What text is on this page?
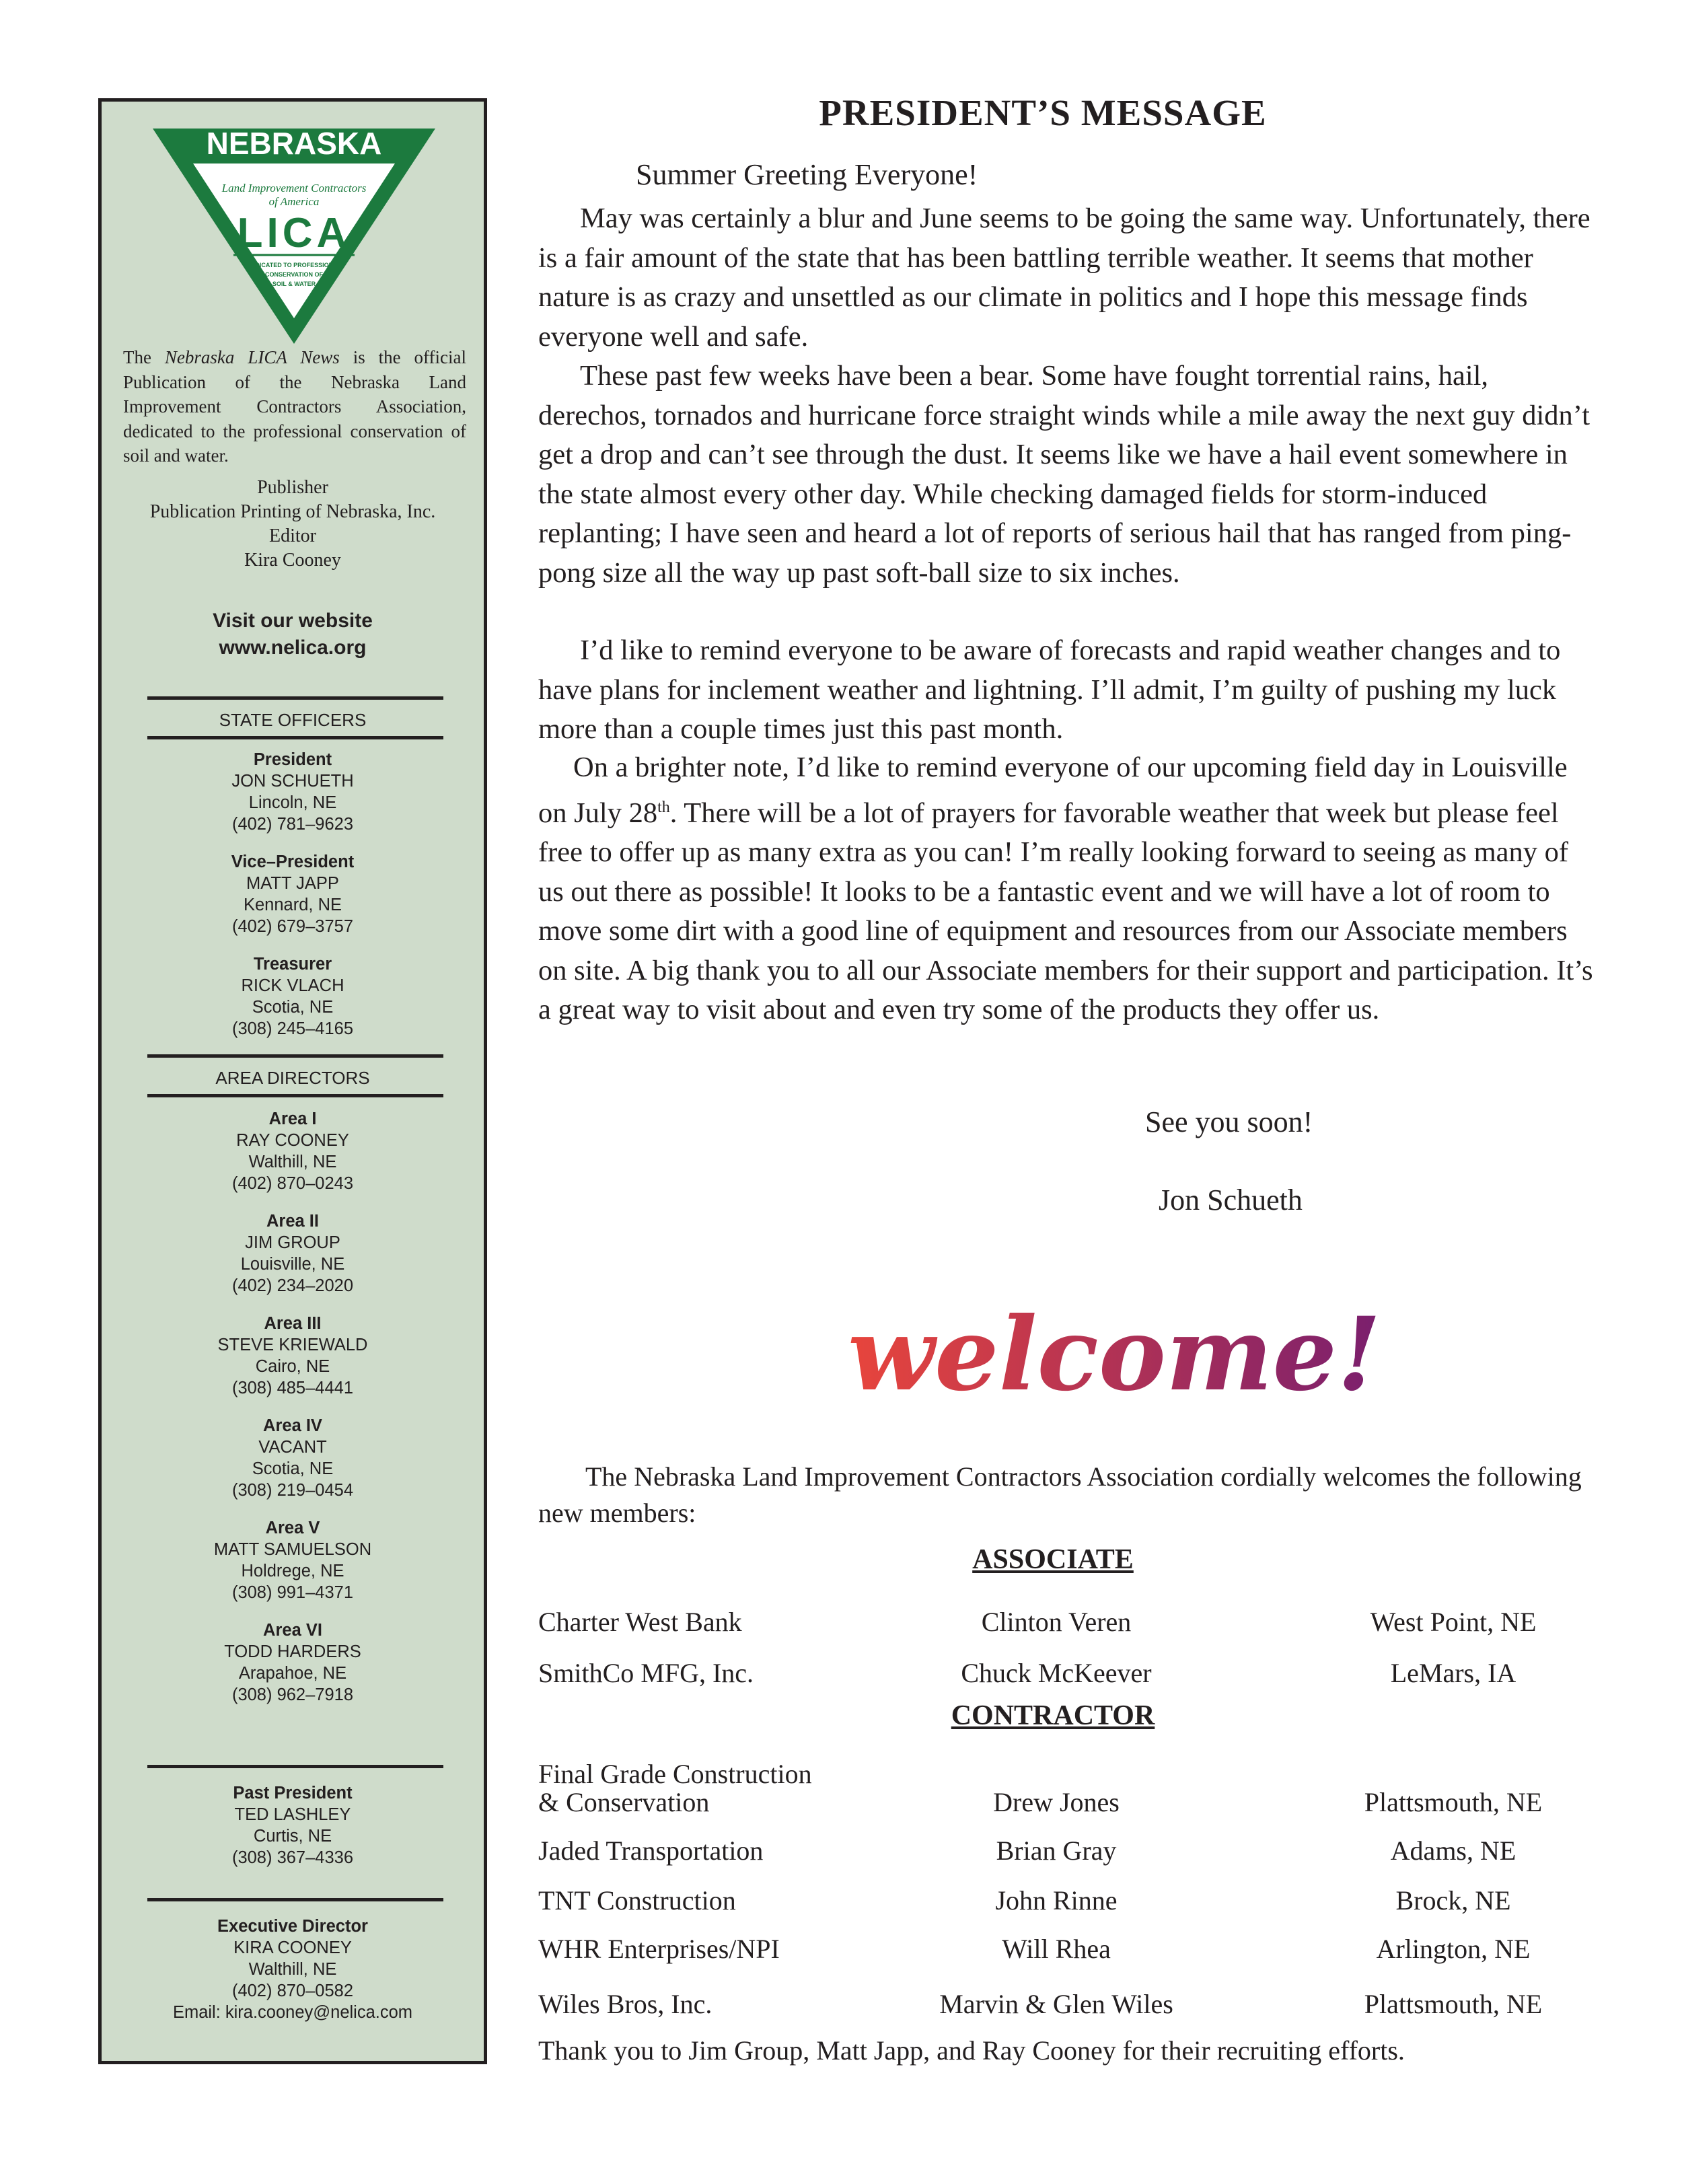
NEBRASKA
CHAPTER
Land Improvement Contractors
of America
LICA
DEDICATED TO PROFESSIONAL
CONSERVATION OF
SOIL & WATER
The Nebraska LICA News is the official Publication of the Nebraska Land Improvement Contractors Association, dedicated to the professional conservation of soil and water.
Publisher
Publication Printing of Nebraska, Inc.
Editor
Kira Cooney
Visit our website
www.nelica.org
STATE OFFICERS
President
JON SCHUETH
Lincoln, NE
(402) 781–9623
Vice–President
MATT JAPP
Kennard, NE
(402) 679–3757
Treasurer
RICK VLACH
Scotia, NE
(308) 245–4165
AREA DIRECTORS
Area I
RAY COONEY
Walthill, NE
(402) 870–0243
Area II
JIM GROUP
Louisville, NE
(402) 234–2020
Area III
STEVE KRIEWALD
Cairo, NE
(308) 485–4441
Area IV
VACANT
Scotia, NE
(308) 219–0454
Area V
MATT SAMUELSON
Holdrege, NE
(308) 991–4371
Area VI
TODD HARDERS
Arapahoe, NE
(308) 962–7918
Past President
TED LASHLEY
Curtis, NE
(308) 367–4336
Executive Director
KIRA COONEY
Walthill, NE
(402) 870–0582
Email: kira.cooney@nelica.com
PRESIDENT’S MESSAGE
Summer Greeting Everyone!
May was certainly a blur and June seems to be going the same way. Unfortunately, there is a fair amount of the state that has been battling terrible weather. It seems that mother nature is as crazy and unsettled as our climate in politics and I hope this message finds everyone well and safe.
These past few weeks have been a bear. Some have fought torrential rains, hail, derechos, tornados and hurricane force straight winds while a mile away the next guy didn’t get a drop and can’t see through the dust. It seems like we have a hail event somewhere in the state almost every other day. While checking damaged fields for storm-induced replanting; I have seen and heard a lot of reports of serious hail that has ranged from ping-pong size all the way up past soft-ball size to six inches.
I’d like to remind everyone to be aware of forecasts and rapid weather changes and to have plans for inclement weather and lightning. I’ll admit, I’m guilty of pushing my luck more than a couple times just this past month.
On a brighter note, I’d like to remind everyone of our upcoming field day in Louisville on July 28th. There will be a lot of prayers for favorable weather that week but please feel free to offer up as many extra as you can! I’m really looking forward to seeing as many of us out there as possible! It looks to be a fantastic event and we will have a lot of room to move some dirt with a good line of equipment and resources from our Associate members on site. A big thank you to all our Associate members for their support and participation. It’s a great way to visit about and even try some of the products they offer us.
See you soon!
Jon Schueth
welcome!
The Nebraska Land Improvement Contractors Association cordially welcomes the following new members:
ASSOCIATE
Charter West Bank	Clinton Veren	West Point, NE
SmithCo MFG, Inc.	Chuck McKeever	LeMars, IA
CONTRACTOR
Final Grade Construction
& Conservation	Drew Jones	Plattsmouth, NE
Jaded Transportation	Brian Gray	Adams, NE
TNT Construction	John Rinne	Brock, NE
WHR Enterprises/NPI	Will Rhea	Arlington, NE
Wiles Bros, Inc.	Marvin & Glen Wiles	Plattsmouth, NE
Thank you to Jim Group, Matt Japp, and Ray Cooney for their recruiting efforts.
